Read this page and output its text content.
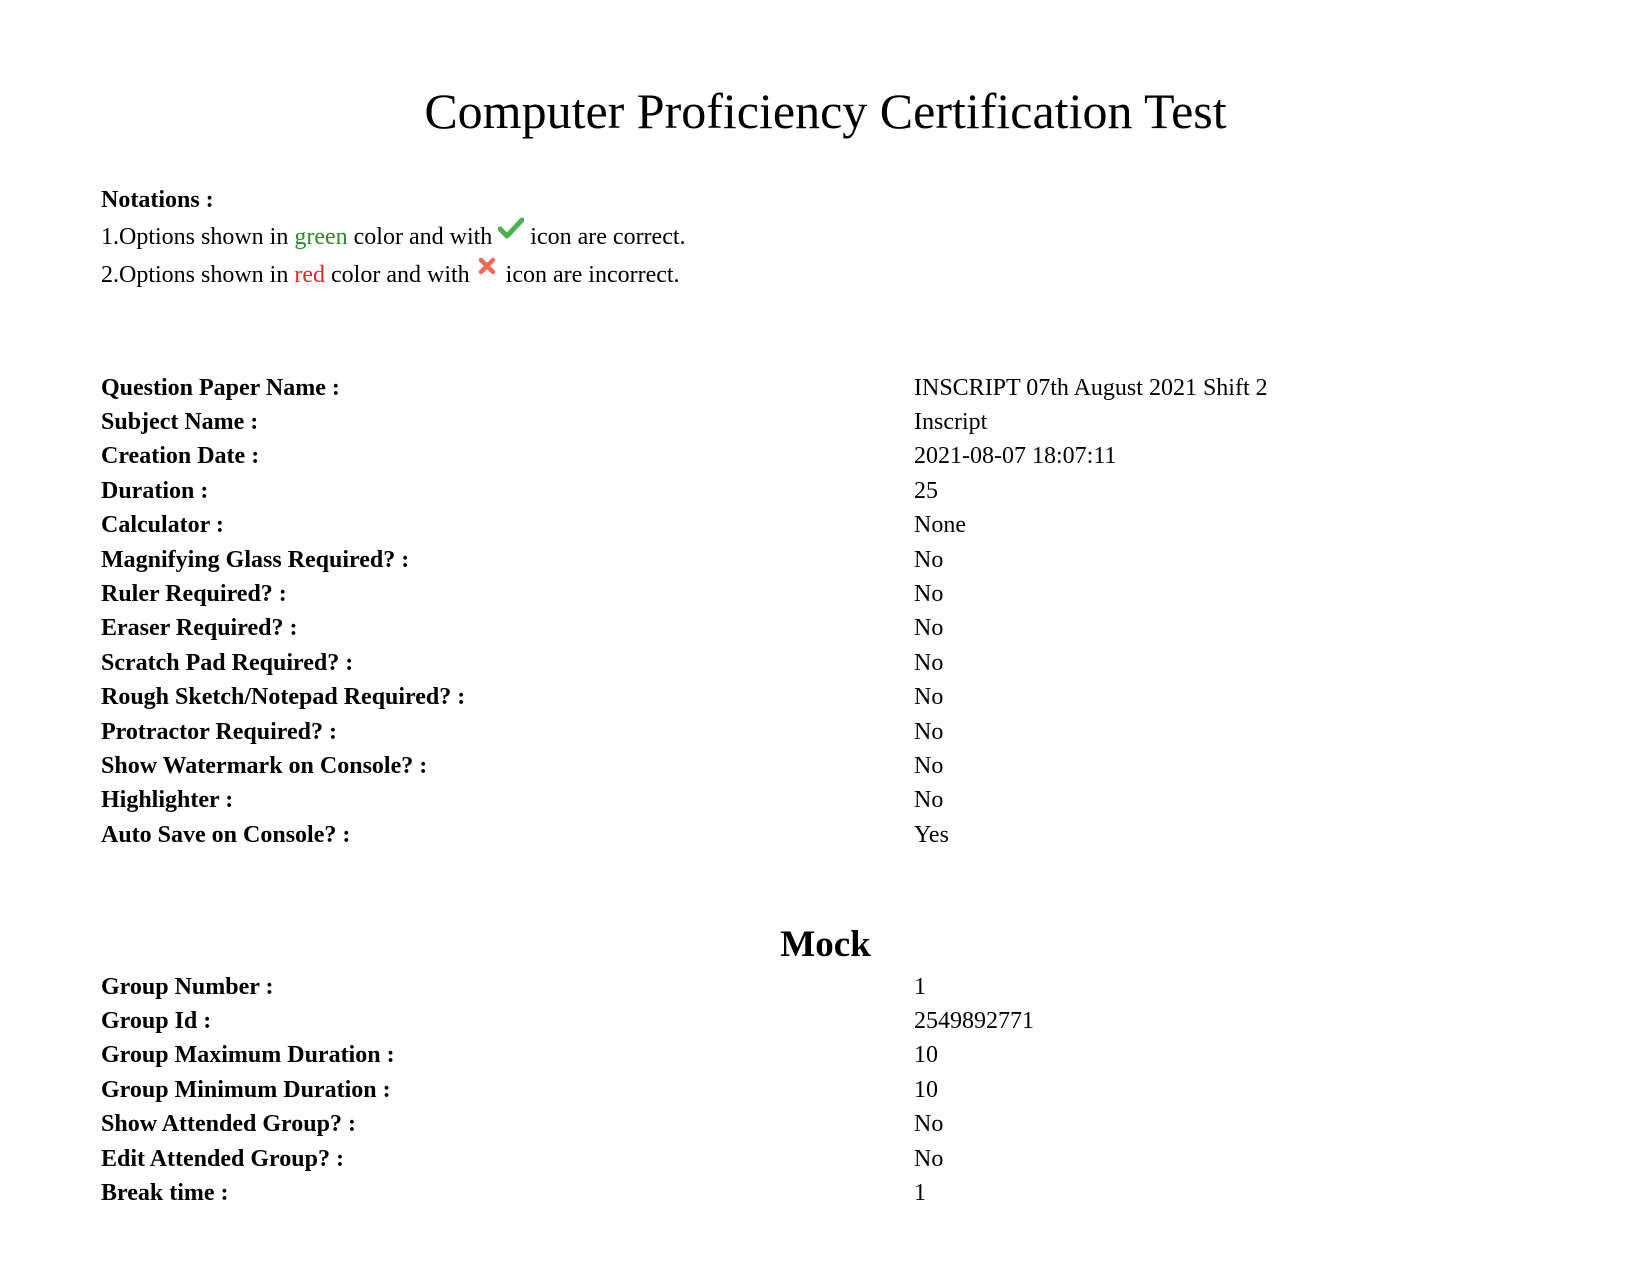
Computer Proficiency Certification Test
Notations :
1.Options shown in green color and with  icon are correct.
2.Options shown in red color and with  icon are incorrect.
Question Paper Name :	INSCRIPT 07th August 2021 Shift 2
Subject Name :	Inscript
Creation Date :	2021-08-07 18:07:11
Duration :	25
Calculator :	None
Magnifying Glass Required? :	No
Ruler Required? :	No
Eraser Required? :	No
Scratch Pad Required? :	No
Rough Sketch/Notepad Required? :	No
Protractor Required? :	No
Show Watermark on Console? :	No
Highlighter :	No
Auto Save on Console? :	Yes
Mock
Group Number :	1
Group Id :	2549892771
Group Maximum Duration :	10
Group Minimum Duration :	10
Show Attended Group? :	No
Edit Attended Group? :	No
Break time :	1
